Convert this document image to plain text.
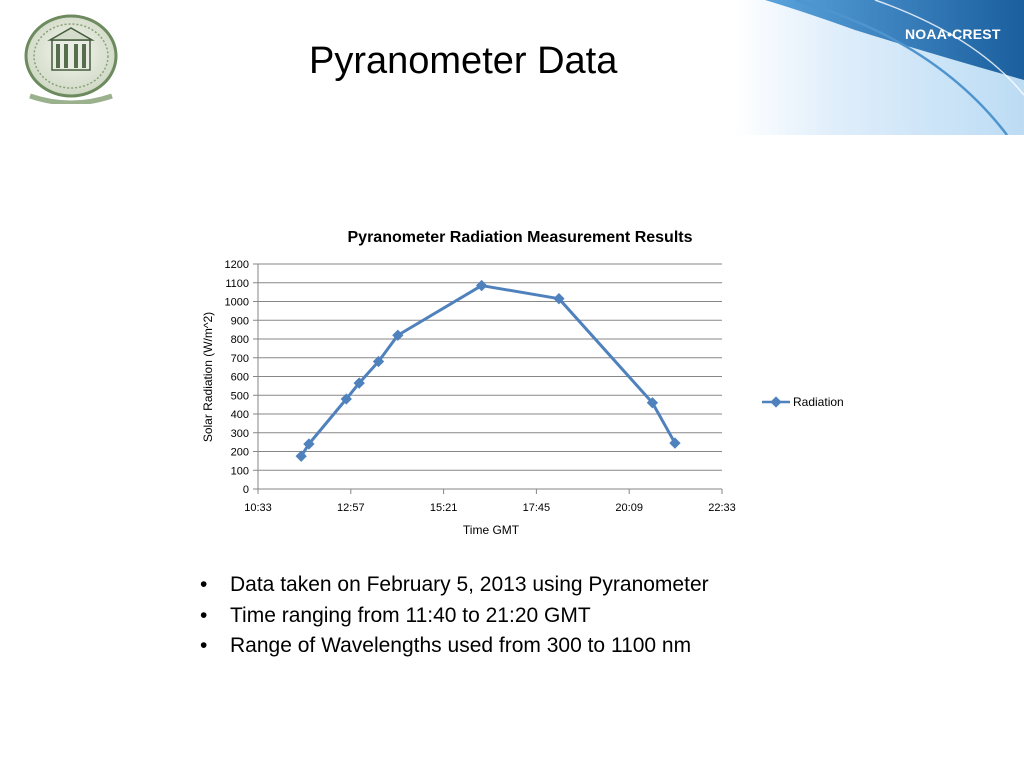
NOAA•CREST
Pyranometer Data
Pyranometer Radiation Measurement Results
0
100
200
300
400
500
600
700
800
900
1000
1100
1200
10:33	12:57	15:21	17:45	20:09	22:33
Time GMT
Solar Radiation (W/m^2)	Radiation
• Data taken on February 5, 2013 using Pyranometer
• Time ranging from 11:40 to 21:20 GMT
• Range of Wavelengths used from 300 to 1100 nm
